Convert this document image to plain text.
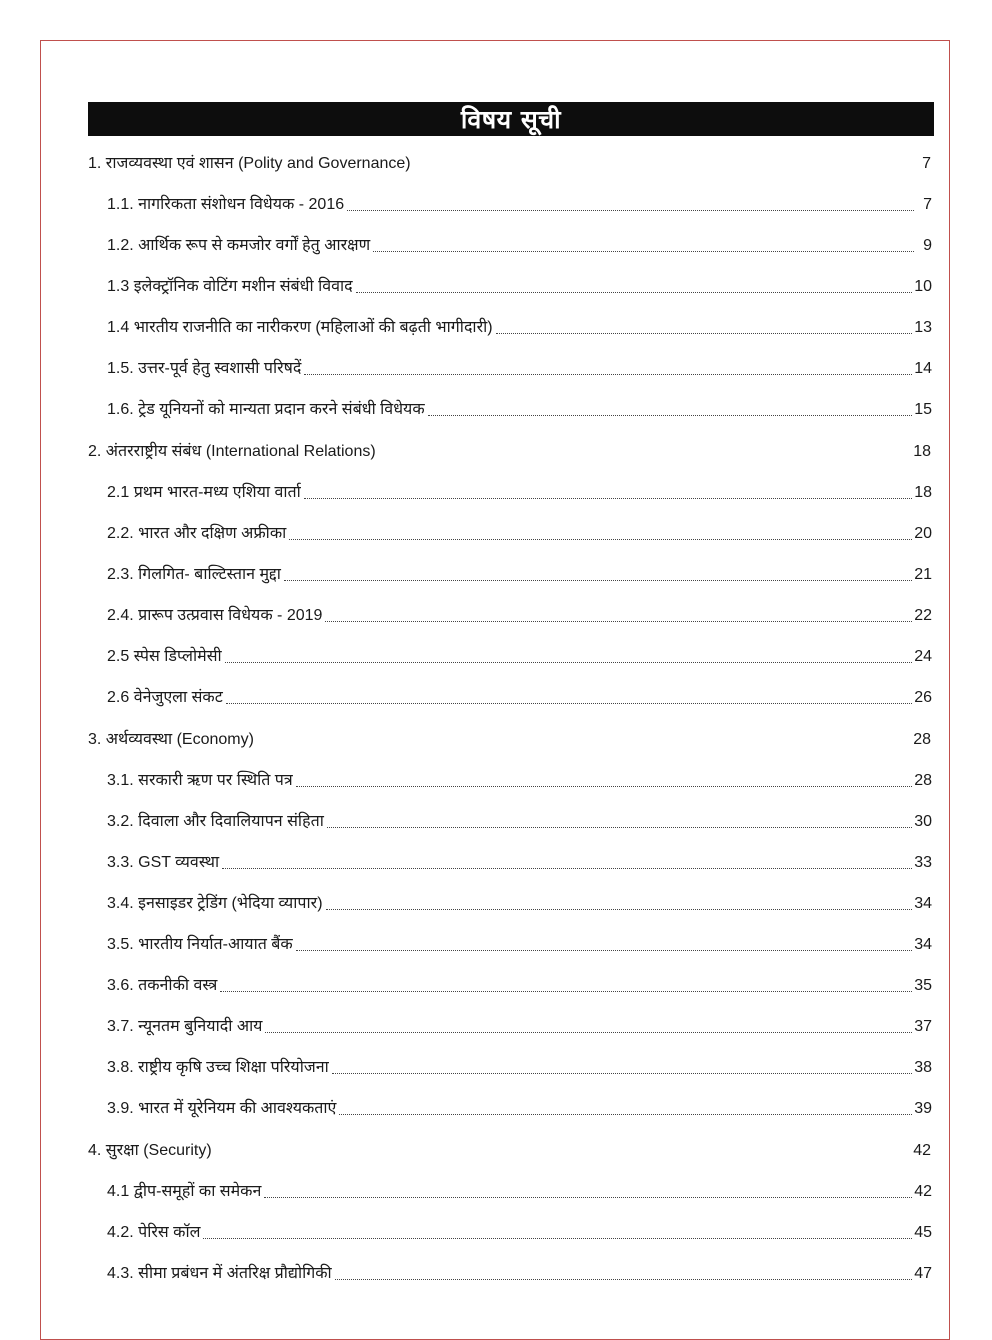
विषय सूची
1. राजव्यवस्था एवं शासन (Polity and Governance)	7
1.1. नागरिकता संशोधन विधेयक - 2016	7
1.2. आर्थिक रूप से कमजोर वर्गों हेतु आरक्षण	9
1.3 इलेक्ट्रॉनिक वोटिंग मशीन संबंधी विवाद	10
1.4 भारतीय राजनीति का नारीकरण (महिलाओं की बढ़ती भागीदारी)	13
1.5. उत्तर-पूर्व हेतु स्वशासी परिषदें	14
1.6. ट्रेड यूनियनों को मान्यता प्रदान करने संबंधी विधेयक	15
2. अंतरराष्ट्रीय संबंध (International Relations)	18
2.1 प्रथम भारत-मध्य एशिया वार्ता	18
2.2. भारत और दक्षिण अफ्रीका	20
2.3. गिलगित- बाल्टिस्तान मुद्दा	21
2.4. प्रारूप उत्प्रवास विधेयक - 2019	22
2.5 स्पेस डिप्लोमेसी	24
2.6 वेनेजुएला संकट	26
3. अर्थव्यवस्था (Economy)	28
3.1. सरकारी ऋण पर स्थिति पत्र	28
3.2. दिवाला और दिवालियापन संहिता	30
3.3. GST व्यवस्था	33
3.4. इनसाइडर ट्रेडिंग (भेदिया व्यापार)	34
3.5. भारतीय निर्यात-आयात बैंक	34
3.6. तकनीकी वस्त्र	35
3.7. न्यूनतम बुनियादी आय	37
3.8. राष्ट्रीय कृषि उच्च शिक्षा परियोजना	38
3.9. भारत में यूरेनियम की आवश्यकताएं	39
4. सुरक्षा (Security)	42
4.1 द्वीप-समूहों का समेकन	42
4.2. पेरिस कॉल	45
4.3. सीमा प्रबंधन में अंतरिक्ष प्रौद्योगिकी	47
